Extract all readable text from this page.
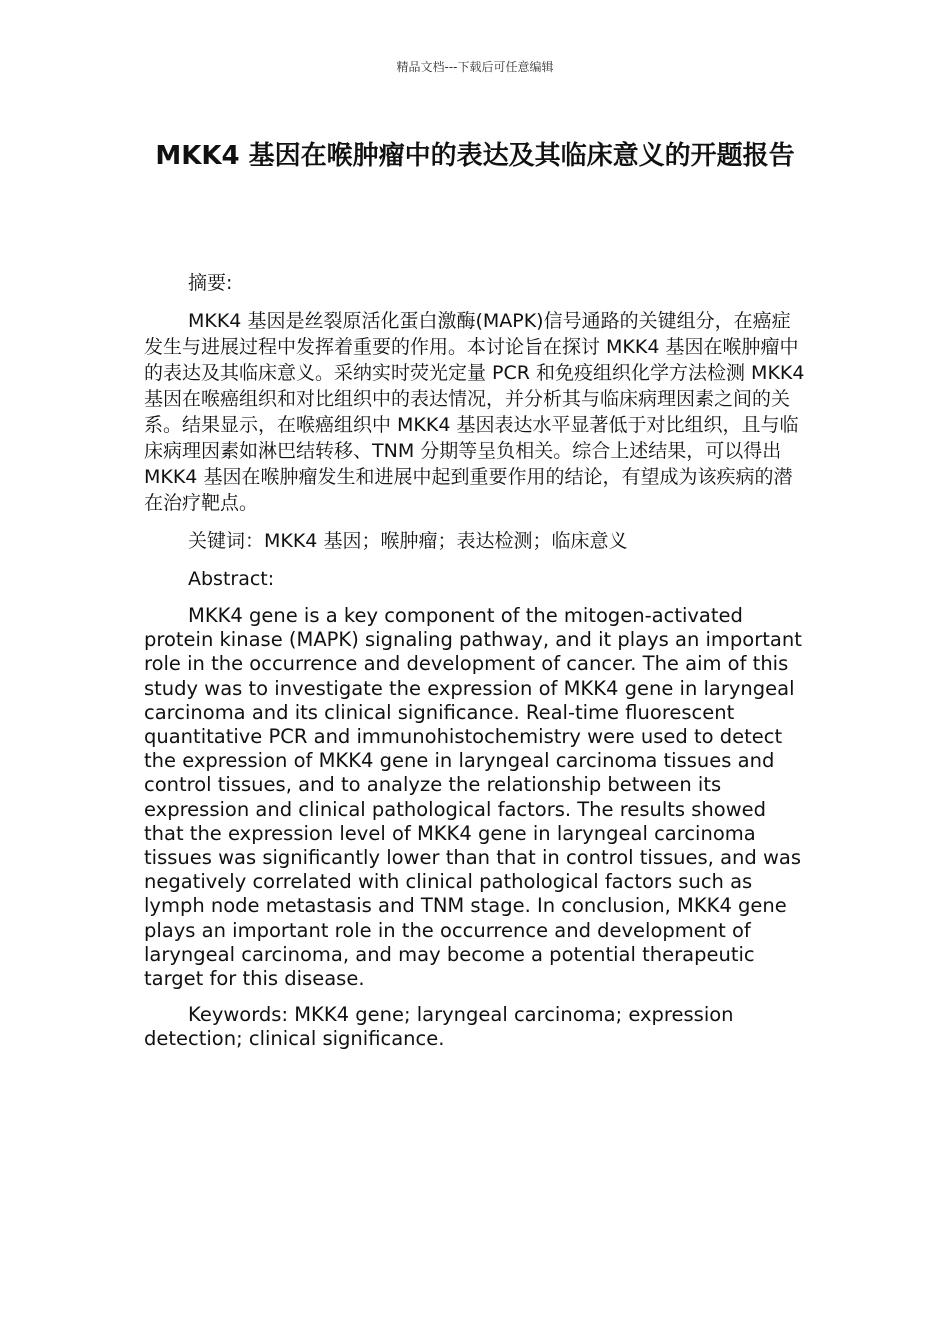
精品文档---下载后可任意编辑
MKK4 基因在喉肿瘤中的表达及其临床意义的开题报告

摘要:

MKK4 基因是丝裂原活化蛋白激酶(MAPK)信号通路的关键组分，在癌症发生与进展过程中发挥着重要的作用。本讨论旨在探讨 MKK4 基因在喉肿瘤中的表达及其临床意义。采纳实时荧光定量 PCR 和免疫组织化学方法检测 MKK4 基因在喉癌组织和对比组织中的表达情况，并分析其与临床病理因素之间的关系。结果显示，在喉癌组织中 MKK4 基因表达水平显著低于对比组织，且与临床病理因素如淋巴结转移、TNM 分期等呈负相关。综合上述结果，可以得出 MKK4 基因在喉肿瘤发生和进展中起到重要作用的结论，有望成为该疾病的潜在治疗靶点。

关键词：MKK4 基因；喉肿瘤；表达检测；临床意义

Abstract:

MKK4 gene is a key component of the mitogen-activated protein kinase (MAPK) signaling pathway, and it plays an important role in the occurrence and development of cancer. The aim of this study was to investigate the expression of MKK4 gene in laryngeal carcinoma and its clinical significance. Real-time fluorescent quantitative PCR and immunohistochemistry were used to detect the expression of MKK4 gene in laryngeal carcinoma tissues and control tissues, and to analyze the relationship between its expression and clinical pathological factors. The results showed that the expression level of MKK4 gene in laryngeal carcinoma tissues was significantly lower than that in control tissues, and was negatively correlated with clinical pathological factors such as lymph node metastasis and TNM stage. In conclusion, MKK4 gene plays an important role in the occurrence and development of laryngeal carcinoma, and may become a potential therapeutic target for this disease.

Keywords: MKK4 gene; laryngeal carcinoma; expression detection; clinical significance.
